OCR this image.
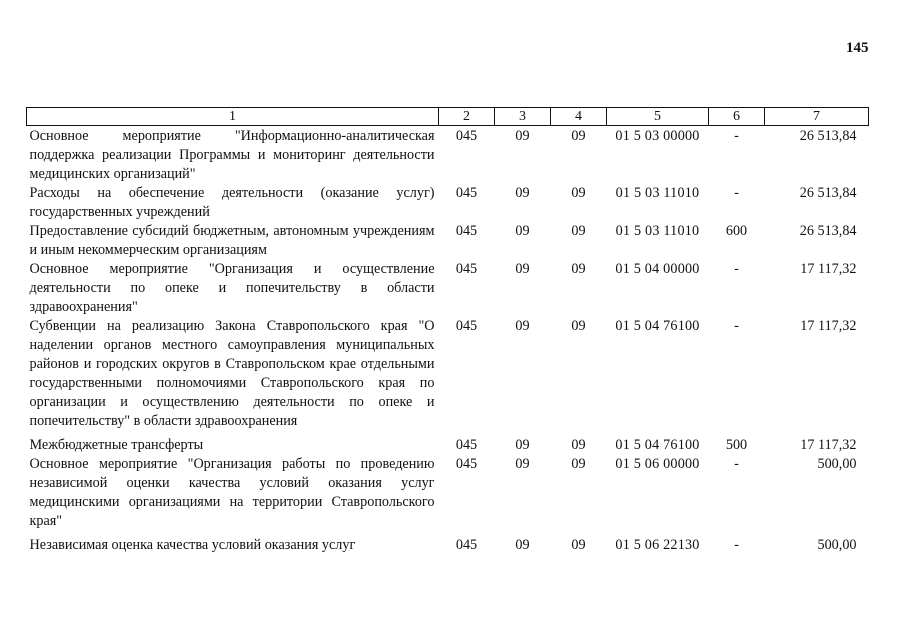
145
1	2	3	4	5	6	7
Основное мероприятие "Информационно-аналитическая поддержка реализации Программы и мониторинг деятельности медицинских организаций"	045	09	09	01 5 03 00000	-	26 513,84
Расходы на обеспечение деятельности (оказание услуг) государственных учреждений	045	09	09	01 5 03 11010	-	26 513,84
Предоставление субсидий бюджетным, автономным учреждениям и иным некоммерческим организациям	045	09	09	01 5 03 11010	600	26 513,84
Основное мероприятие "Организация и осуществление деятельности по опеке и попечительству в области здравоохранения"	045	09	09	01 5 04 00000	-	17 117,32
Субвенции на реализацию Закона Ставропольского края "О наделении органов местного самоуправления муниципальных районов и городских округов в Ставропольском крае отдельными государственными полномочиями Ставропольского края по организации и осуществлению деятельности по опеке и попечительству" в области здравоохранения	045	09	09	01 5 04 76100	-	17 117,32
Межбюджетные трансферты	045	09	09	01 5 04 76100	500	17 117,32
Основное мероприятие "Организация работы по проведению независимой оценки качества условий оказания услуг медицинскими организациями на территории Ставропольского края"	045	09	09	01 5 06 00000	-	500,00
Независимая оценка качества условий оказания услуг	045	09	09	01 5 06 22130	-	500,00
